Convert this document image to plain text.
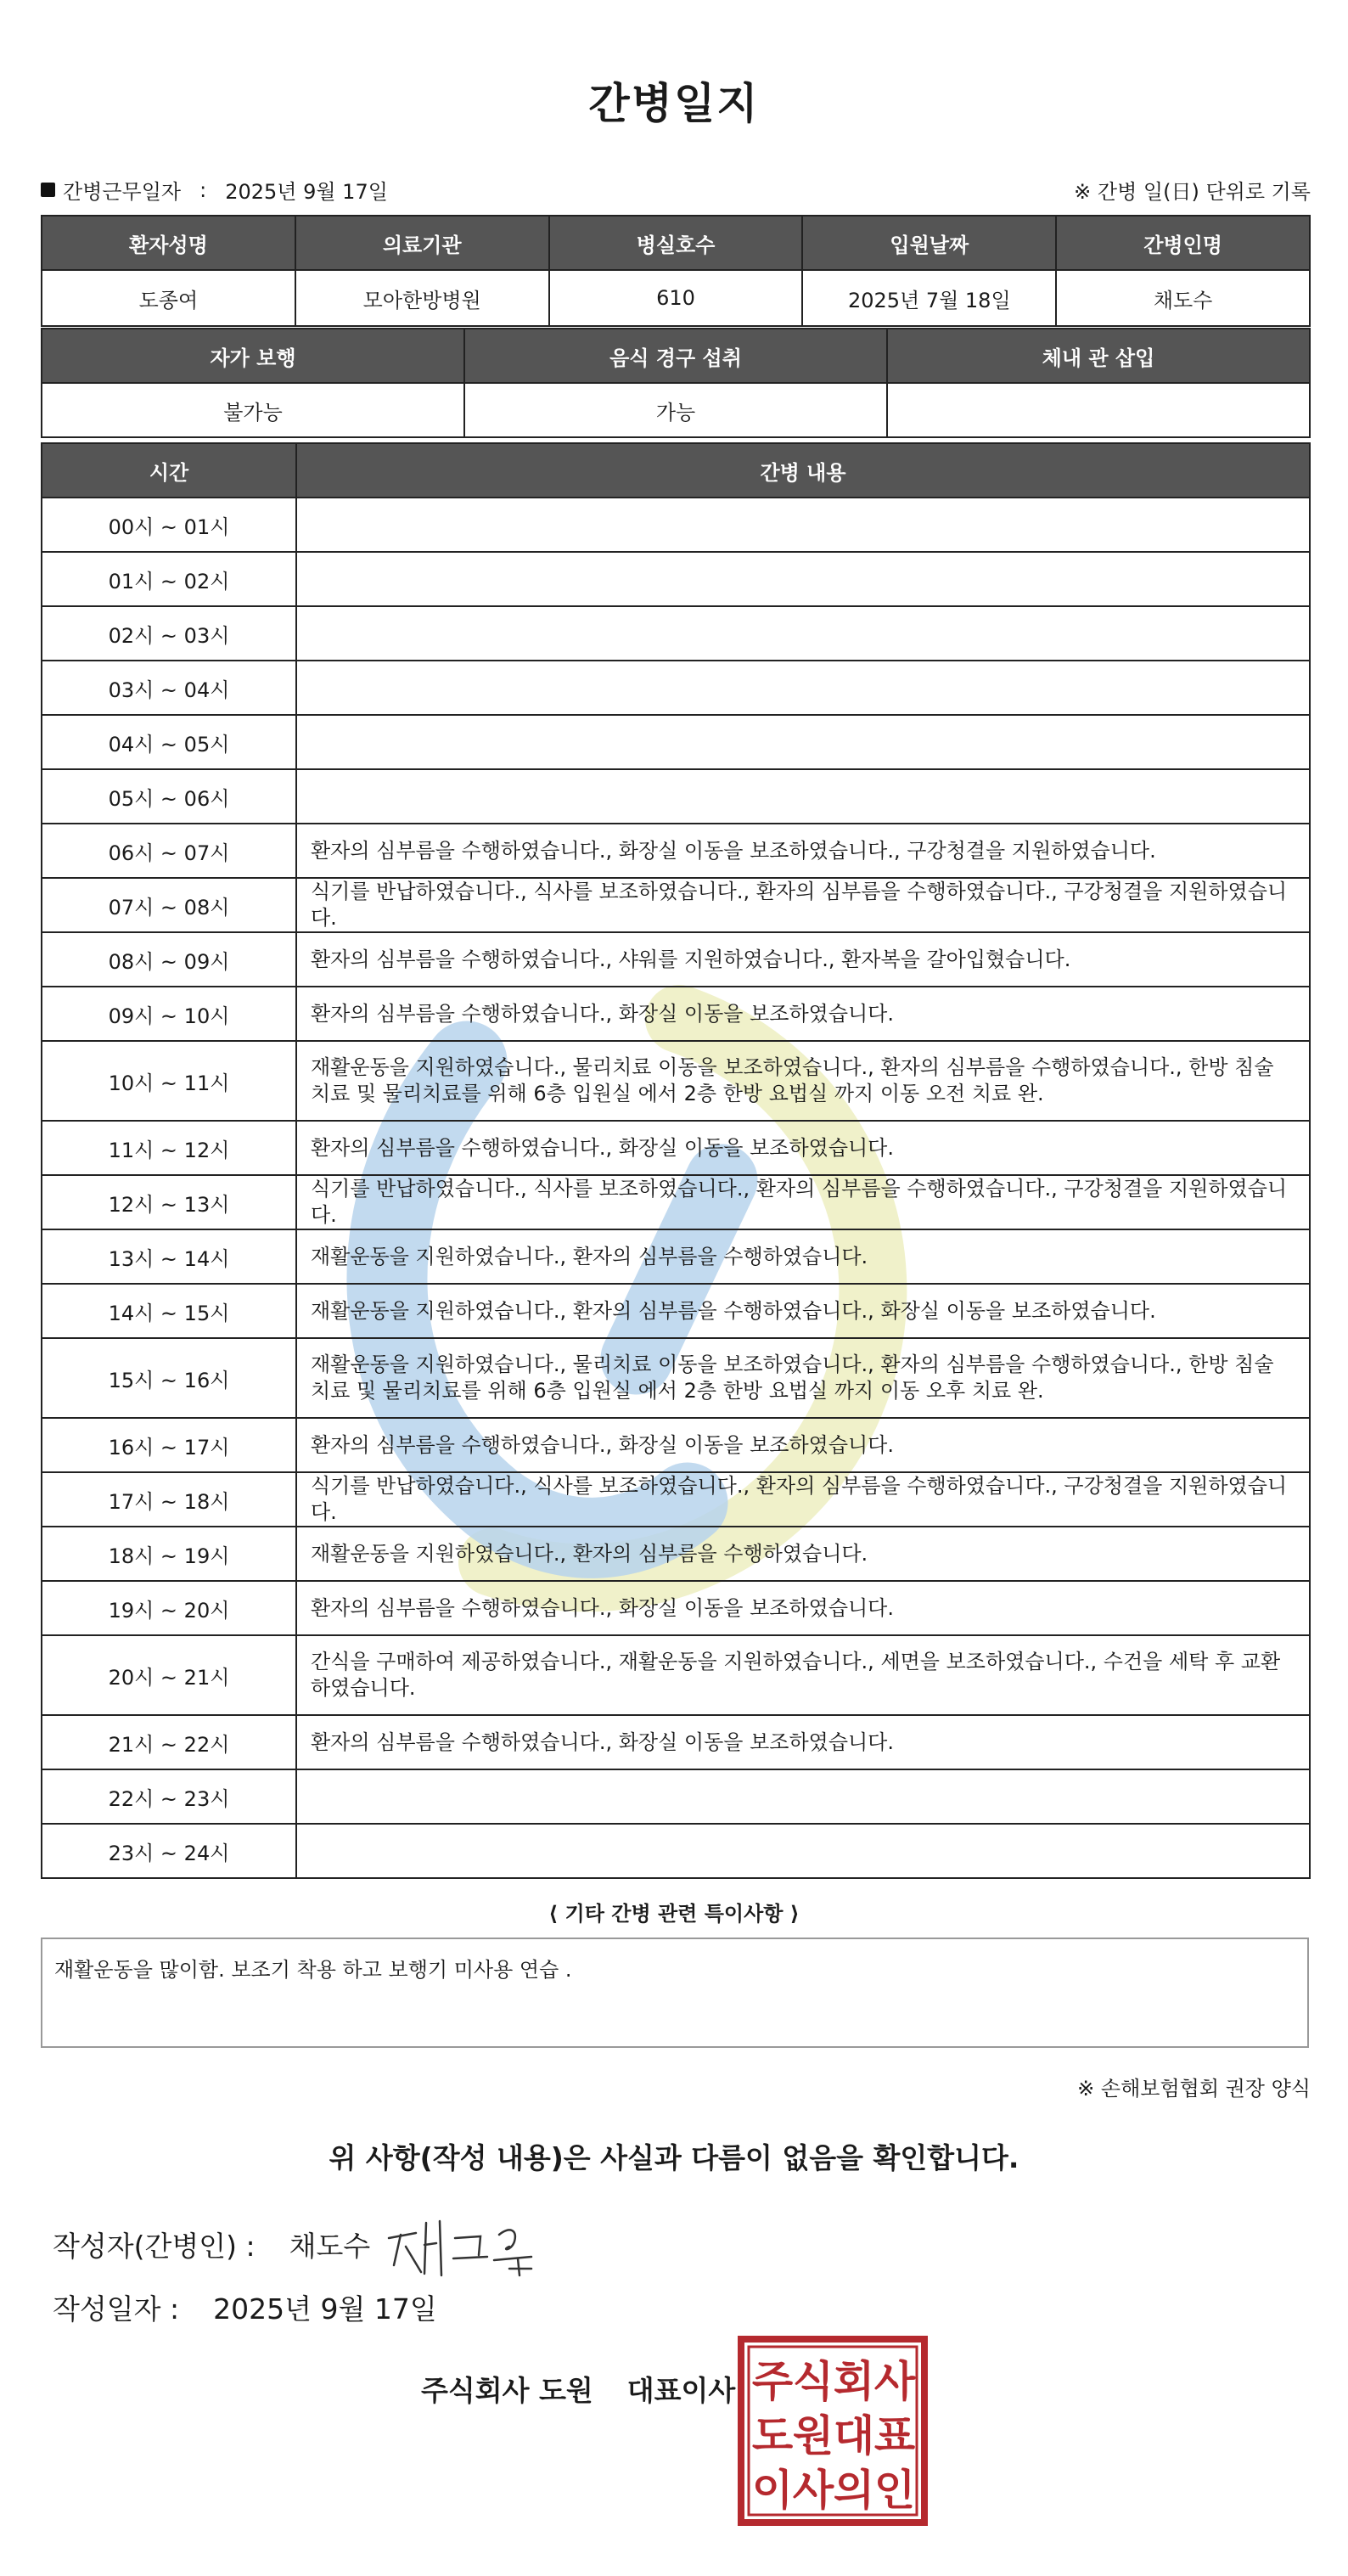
간병일지
간병근무일자 : 2025년 9월 17일	※ 간병 일(日) 단위로 기록
환자성명	의료기관	병실호수	입원날짜	간병인명
도종여	모아한방병원	610	2025년 7월 18일	채도수
자가 보행	음식 경구 섭취	체내 관 삽입
불가능	가능	
시간	간병 내용
00시 ~ 01시	
01시 ~ 02시	
02시 ~ 03시	
03시 ~ 04시	
04시 ~ 05시	
05시 ~ 06시	
06시 ~ 07시	환자의 심부름을 수행하였습니다., 화장실 이동을 보조하였습니다., 구강청결을 지원하였습니다.
07시 ~ 08시	식기를 반납하였습니다., 식사를 보조하였습니다., 환자의 심부름을 수행하였습니다., 구강청결을 지원하였습니다.
08시 ~ 09시	환자의 심부름을 수행하였습니다., 샤워를 지원하였습니다., 환자복을 갈아입혔습니다.
09시 ~ 10시	환자의 심부름을 수행하였습니다., 화장실 이동을 보조하였습니다.
10시 ~ 11시	재활운동을 지원하였습니다., 물리치료 이동을 보조하였습니다., 환자의 심부름을 수행하였습니다., 한방 침술 치료 및 물리치료를 위해 6층 입원실 에서 2층 한방 요법실 까지 이동 오전 치료 완.
11시 ~ 12시	환자의 심부름을 수행하였습니다., 화장실 이동을 보조하였습니다.
12시 ~ 13시	식기를 반납하였습니다., 식사를 보조하였습니다., 환자의 심부름을 수행하였습니다., 구강청결을 지원하였습니다.
13시 ~ 14시	재활운동을 지원하였습니다., 환자의 심부름을 수행하였습니다.
14시 ~ 15시	재활운동을 지원하였습니다., 환자의 심부름을 수행하였습니다., 화장실 이동을 보조하였습니다.
15시 ~ 16시	재활운동을 지원하였습니다., 물리치료 이동을 보조하였습니다., 환자의 심부름을 수행하였습니다., 한방 침술 치료 및 물리치료를 위해 6층 입원실 에서 2층 한방 요법실 까지 이동 오후 치료 완.
16시 ~ 17시	환자의 심부름을 수행하였습니다., 화장실 이동을 보조하였습니다.
17시 ~ 18시	식기를 반납하였습니다., 식사를 보조하였습니다., 환자의 심부름을 수행하였습니다., 구강청결을 지원하였습니다.
18시 ~ 19시	재활운동을 지원하였습니다., 환자의 심부름을 수행하였습니다.
19시 ~ 20시	환자의 심부름을 수행하였습니다., 화장실 이동을 보조하였습니다.
20시 ~ 21시	간식을 구매하여 제공하였습니다., 재활운동을 지원하였습니다., 세면을 보조하였습니다., 수건을 세탁 후 교환하였습니다.
21시 ~ 22시	환자의 심부름을 수행하였습니다., 화장실 이동을 보조하였습니다.
22시 ~ 23시	
23시 ~ 24시	
⟨ 기타 간병 관련 특이사항 ⟩
재활운동을 많이함. 보조기 착용 하고 보행기 미사용 연습 .
※ 손해보험협회 권장 양식
위 사항(작성 내용)은 사실과 다름이 없음을 확인합니다.
작성자(간병인) : 채도수
작성일자 : 2025년 9월 17일
주식회사 도원 대표이사 주 식 회 사
도 원 대 표
이 사 의 인
